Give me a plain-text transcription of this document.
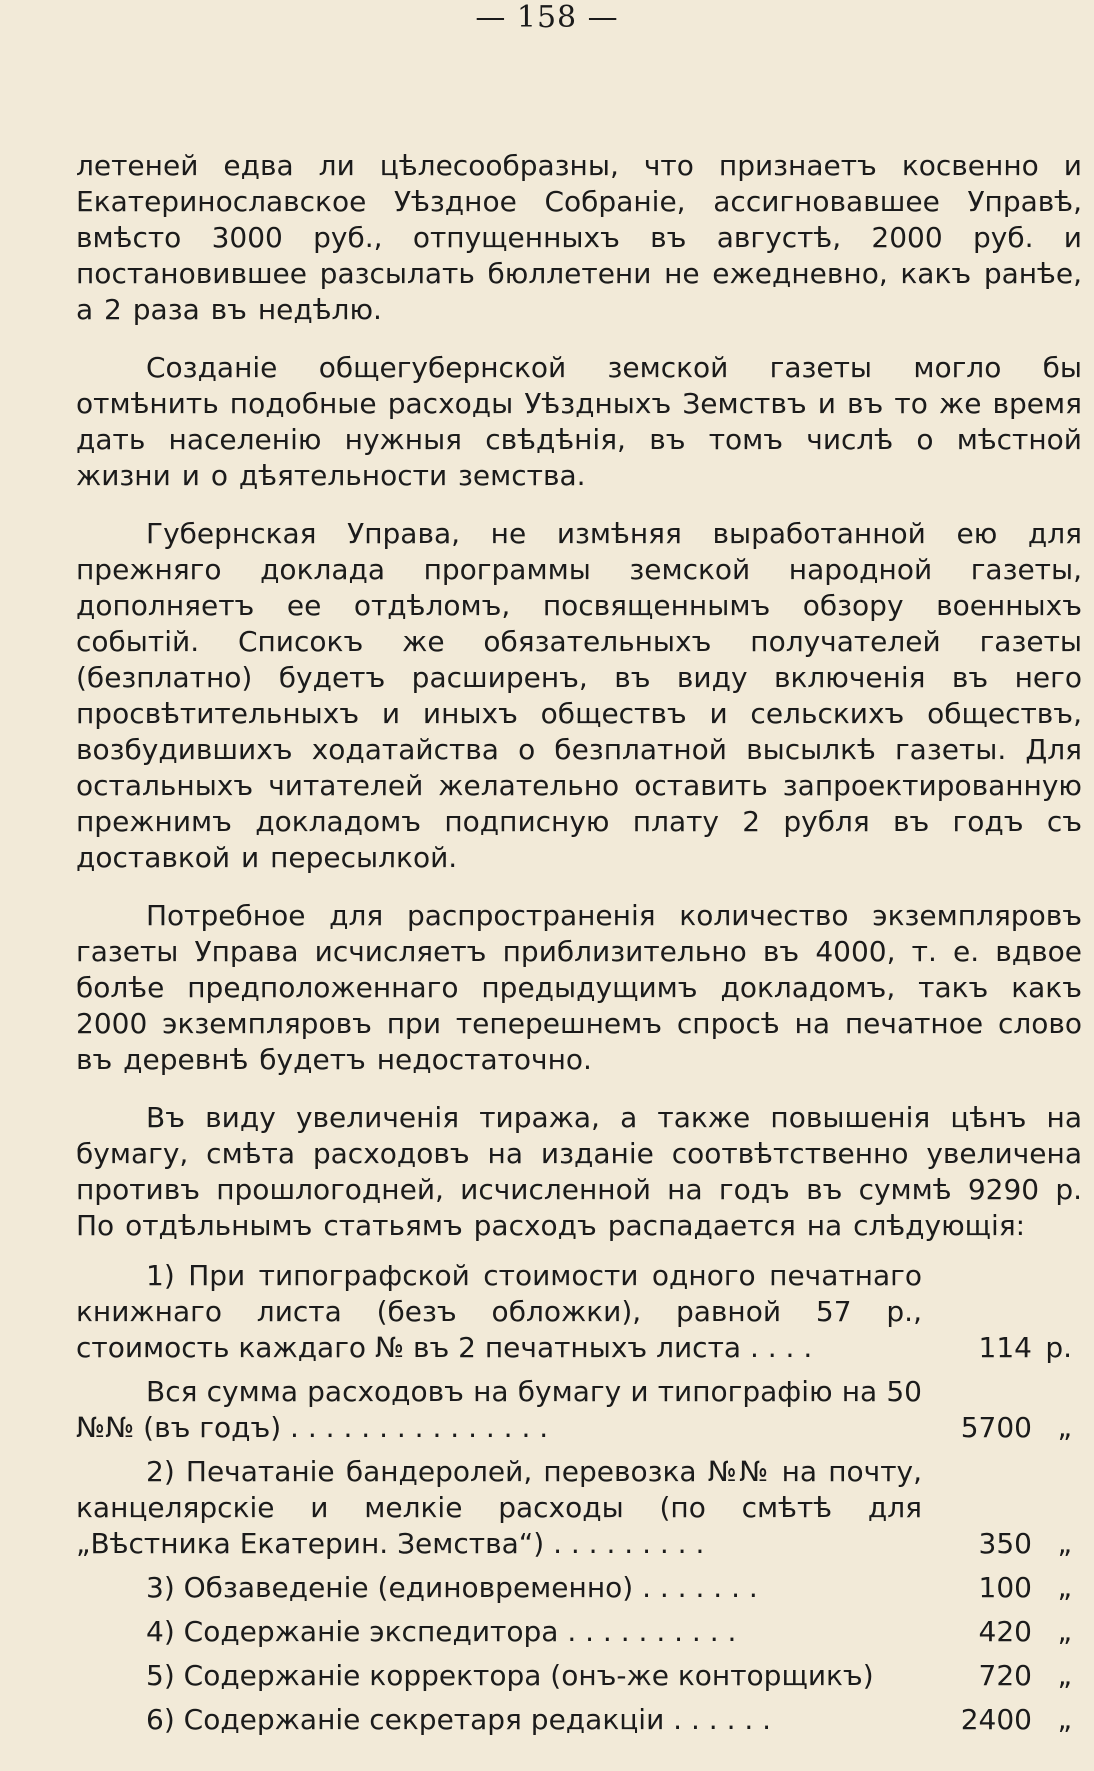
— 158 —

летеней едва ли цѣлесообразны, что признаетъ косвенно и Екатеринославское Уѣздное Собраніе, ассигновавшее Управѣ, вмѣсто 3000 руб., отпущенныхъ въ августѣ, 2000 руб. и постановившее разсылать бюллетени не ежедневно, какъ ранѣе, а 2 раза въ недѣлю.

Созданіе общегубернской земской газеты могло бы отмѣнить подобные расходы Уѣздныхъ Земствъ и въ то же время дать населенію нужныя свѣдѣнія, въ томъ числѣ о мѣстной жизни и о дѣятельности земства.

Губернская Управа, не измѣняя выработанной ею для прежняго доклада программы земской народной газеты, дополняетъ ее отдѣломъ, посвященнымъ обзору военныхъ событій. Списокъ же обязательныхъ получателей газеты (безплатно) будетъ расширенъ, въ виду включенія въ него просвѣтительныхъ и иныхъ обществъ и сельскихъ обществъ, возбудившихъ ходатайства о безплатной высылкѣ газеты. Для остальныхъ читателей желательно оставить запроектированную прежнимъ докладомъ подписную плату 2 рубля въ годъ съ доставкой и пересылкой.

Потребное для распространенія количество экземпляровъ газеты Управа исчисляетъ приблизительно въ 4000, т. е. вдвое болѣе предположеннаго предыдущимъ докладомъ, такъ какъ 2000 экземпляровъ при теперешнемъ спросѣ на печатное слово въ деревнѣ будетъ недостаточно.

Въ виду увеличенія тиража, а также повышенія цѣнъ на бумагу, смѣта расходовъ на изданіе соотвѣтственно увеличена противъ прошлогодней, исчисленной на годъ въ суммѣ 9290 р. По отдѣльнымъ статьямъ расходъ распадается на слѣдующія:

1) При типографской стоимости одного печатнаго книжнаго листа (безъ обложки), равной 57 р., стоимость каждаго № въ 2 печатныхъ листа . . . .	114 р.
Вся сумма расходовъ на бумагу и типографію на 50 №№ (въ годъ) . . . . . . . . . . . . . . .	5700 „
2) Печатаніе бандеролей, перевозка №№ на почту, канцелярскіе и мелкіе расходы (по смѣтѣ для „Вѣстника Екатерин. Земства“) . . . . . . . . .	350 „
3) Обзаведеніе (единовременно) . . . . . . .	100 „
4) Содержаніе экспедитора . . . . . . . . . .	420 „
5) Содержаніе корректора (онъ-же конторщикъ)	720 „
6) Содержаніе секретаря редакціи . . . . . .	2400 „
